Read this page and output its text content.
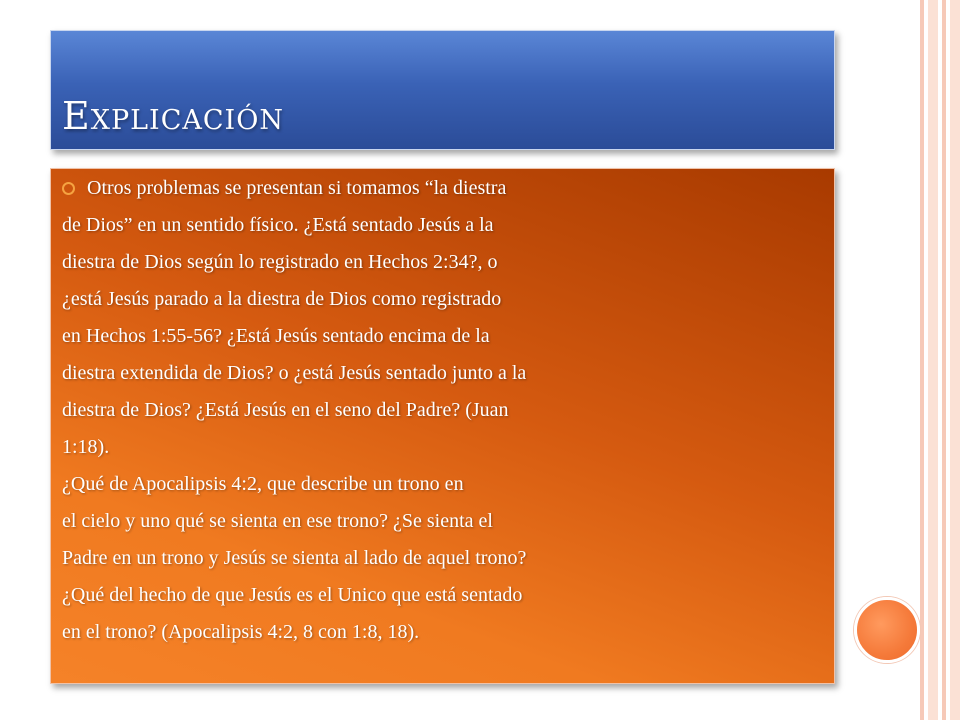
Explicación
Otros problemas se presentan si tomamos “la diestra
de Dios” en un sentido físico. ¿Está sentado Jesús a la
diestra de Dios según lo registrado en Hechos 2:34?, o
¿está Jesús parado a la diestra de Dios como registrado
en Hechos 1:55-56? ¿Está Jesús sentado encima de la
diestra extendida de Dios? o ¿está Jesús sentado junto a la
diestra de Dios? ¿Está Jesús en el seno del Padre? (Juan
1:18).
¿Qué de Apocalipsis 4:2, que describe un trono en
el cielo y uno qué se sienta en ese trono? ¿Se sienta el
Padre en un trono y Jesús se sienta al lado de aquel trono?
¿Qué del hecho de que Jesús es el Unico que está sentado
en el trono? (Apocalipsis 4:2, 8 con 1:8, 18).
